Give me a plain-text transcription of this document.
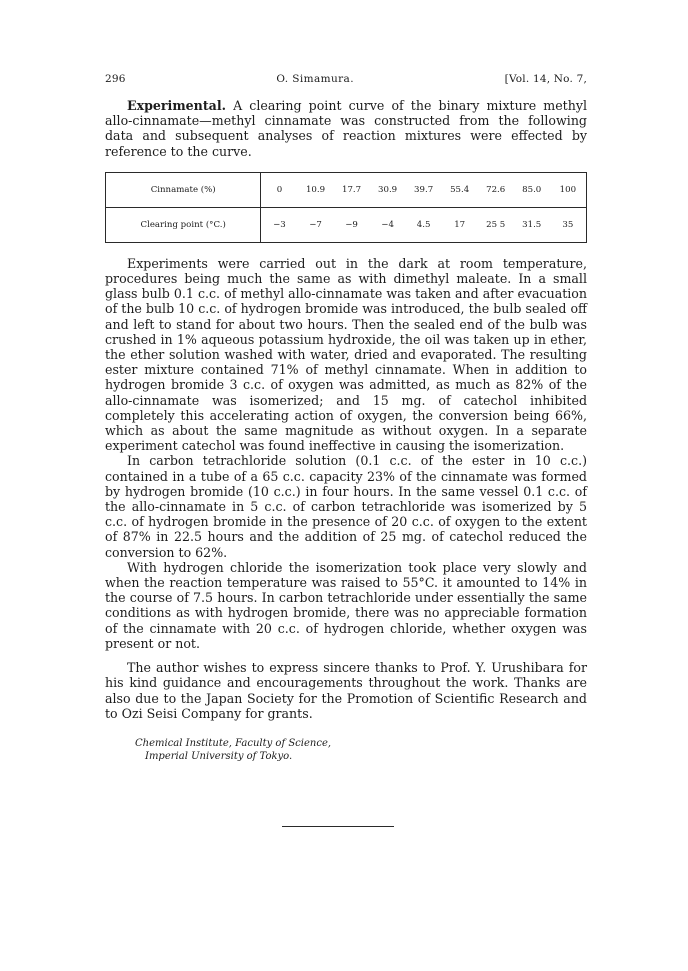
296	O. Simamura.	[Vol. 14, No. 7,

Experimental. A clearing point curve of the binary mixture methyl allo-cinnamate—methyl cinnamate was constructed from the following data and subsequent analyses of reaction mixtures were effected by reference to the curve.

Cinnamate (%)	0	10.9	17.7	30.9	39.7	55.4	72.6	85.0	100
Clearing point (°C.)	−3	−7	−9	−4	4.5	17	25 5	31.5	35

Experiments were carried out in the dark at room temperature, procedures being much the same as with dimethyl maleate. In a small glass bulb 0.1 c.c. of methyl allo-cinnamate was taken and after evacuation of the bulb 10 c.c. of hydrogen bromide was introduced, the bulb sealed off and left to stand for about two hours. Then the sealed end of the bulb was crushed in 1% aqueous potassium hydroxide, the oil was taken up in ether, the ether solution washed with water, dried and evaporated. The resulting ester mixture contained 71% of methyl cinnamate. When in addition to hydrogen bromide 3 c.c. of oxygen was admitted, as much as 82% of the allo-cinnamate was isomerized; and 15 mg. of catechol inhibited completely this accelerating action of oxygen, the conversion being 66%, which as about the same magnitude as without oxygen. In a separate experiment catechol was found ineffective in causing the isomerization.

In carbon tetrachloride solution (0.1 c.c. of the ester in 10 c.c.) contained in a tube of a 65 c.c. capacity 23% of the cinnamate was formed by hydrogen bromide (10 c.c.) in four hours. In the same vessel 0.1 c.c. of the allo-cinnamate in 5 c.c. of carbon tetrachloride was isomerized by 5 c.c. of hydrogen bromide in the presence of 20 c.c. of oxygen to the extent of 87% in 22.5 hours and the addition of 25 mg. of catechol reduced the conversion to 62%.

With hydrogen chloride the isomerization took place very slowly and when the reaction temperature was raised to 55°C. it amounted to 14% in the course of 7.5 hours. In carbon tetrachloride under essentially the same conditions as with hydrogen bromide, there was no appreciable formation of the cinnamate with 20 c.c. of hydrogen chloride, whether oxygen was present or not.

The author wishes to express sincere thanks to Prof. Y. Urushibara for his kind guidance and encouragements throughout the work. Thanks are also due to the Japan Society for the Promotion of Scientific Research and to Ozi Seisi Company for grants.

Chemical Institute, Faculty of Science,
Imperial University of Tokyo.
